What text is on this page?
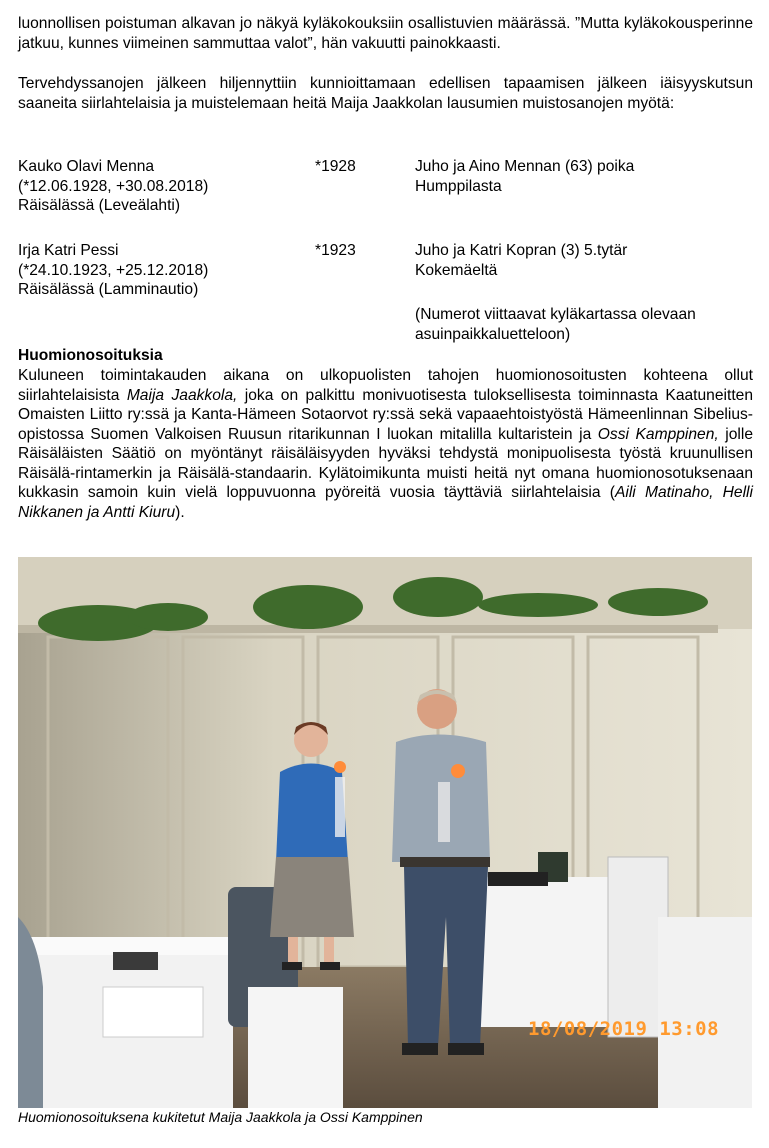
luonnollisen poistuman alkavan jo näkyä kyläkokouksiin osallistuvien määrässä. ”Mutta kyläkokousperinne jatkuu, kunnes viimeinen sammuttaa valot”, hän vakuutti painokkaasti.

Tervehdyssanojen jälkeen hiljennyttiin kunnioittamaan edellisen tapaamisen jälkeen iäisyyskutsun saaneita siirlahtelaisia ja muistelemaan heitä Maija Jaakkolan lausumien muistosanojen myötä:

Kauko Olavi Menna
(*12.06.1928, +30.08.2018)
Räisälässä (Leveälahti)
*1928	Juho ja Aino Mennan (63) poika
Humppilasta
Irja Katri Pessi
(*24.10.1923, +25.12.2018)
Räisälässä (Lamminautio)
*1923	Juho ja Katri Kopran (3) 5.tytär
Kokemäeltä
(Numerot viittaavat kyläkartassa olevaan asuinpaikkaluetteloon)
Huomionosoituksia

Kuluneen toimintakauden aikana on ulkopuolisten tahojen huomionosoitusten kohteena ollut siirlahtelaisista Maija Jaakkola, joka on palkittu monivuotisesta tuloksellisesta toiminnasta Kaatuneitten Omaisten Liitto ry:ssä ja Kanta-Hämeen Sotaorvot ry:ssä sekä vapaaehtoistyöstä Hämeenlinnan Sibelius-opistossa Suomen Valkoisen Ruusun ritarikunnan I luokan mitalilla kultaristein ja Ossi Kamppinen, jolle Räisäläisten Säätiö on myöntänyt räisäläisyyden hyväksi tehdystä monipuolisesta työstä kruunullisen Räisälä-rintamerkin ja Räisälä-standaarin. Kylätoimikunta muisti heitä nyt omana huomionosotuksenaan kukkasin samoin kuin vielä loppuvuonna pyöreitä vuosia täyttäviä siirlahtelaisia (Aili Matinaho, Helli Nikkanen ja Antti Kiuru).

18/08/2019 13:08

Huomionosoituksena kukitetut Maija Jaakkola ja Ossi Kamppinen
